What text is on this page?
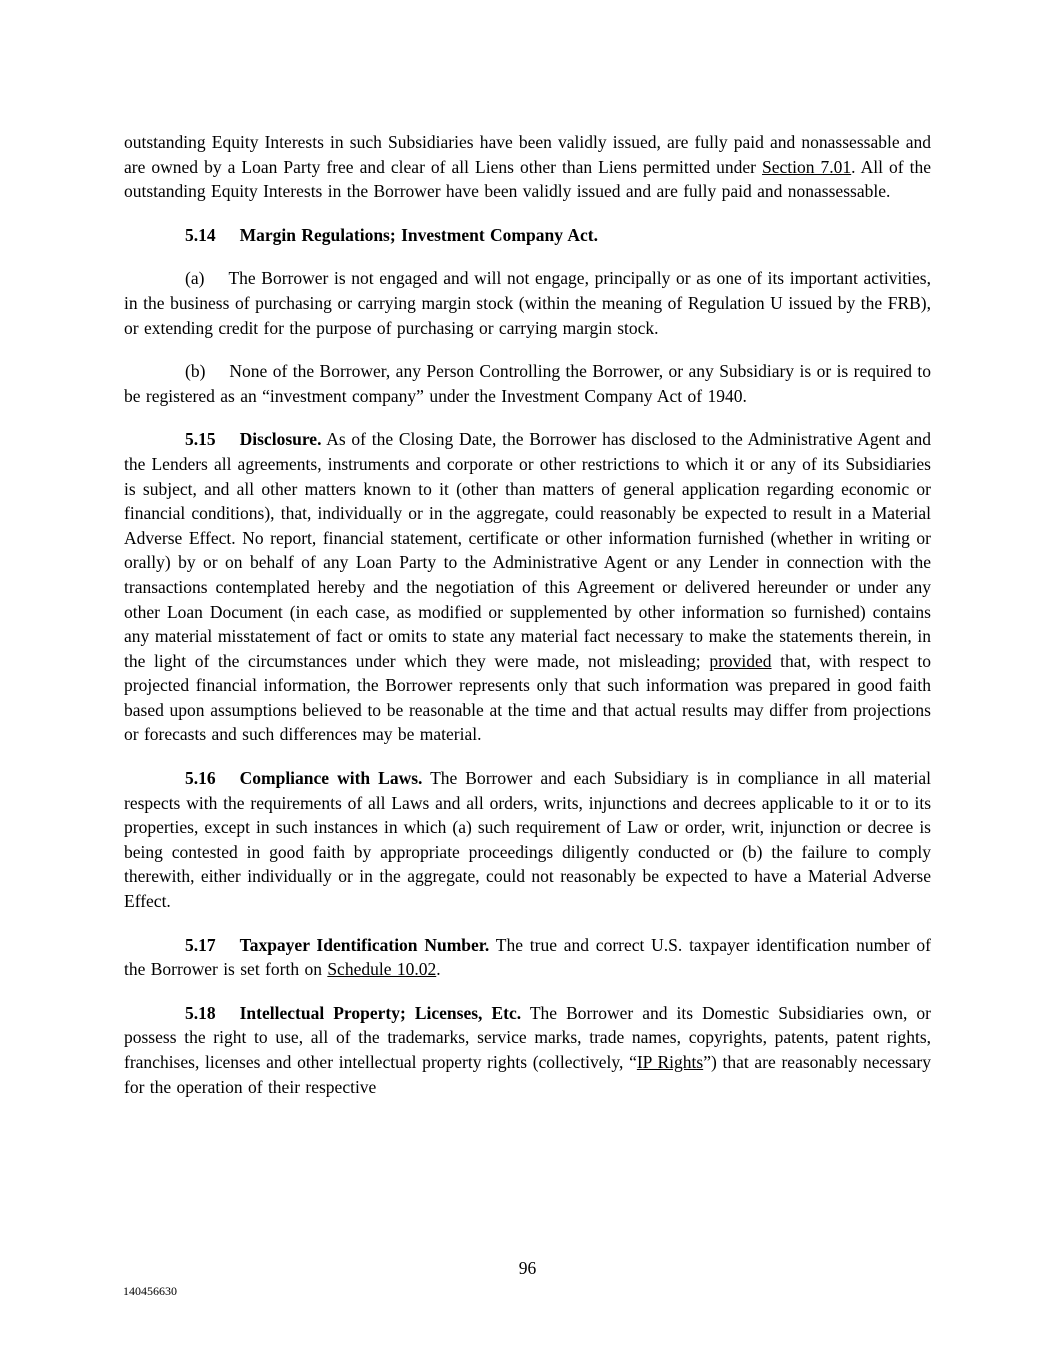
outstanding Equity Interests in such Subsidiaries have been validly issued, are fully paid and nonassessable and are owned by a Loan Party free and clear of all Liens other than Liens permitted under Section 7.01. All of the outstanding Equity Interests in the Borrower have been validly issued and are fully paid and nonassessable.

5.14 Margin Regulations; Investment Company Act.

(a) The Borrower is not engaged and will not engage, principally or as one of its important activities, in the business of purchasing or carrying margin stock (within the meaning of Regulation U issued by the FRB), or extending credit for the purpose of purchasing or carrying margin stock.

(b) None of the Borrower, any Person Controlling the Borrower, or any Subsidiary is or is required to be registered as an “investment company” under the Investment Company Act of 1940.

5.15 Disclosure. As of the Closing Date, the Borrower has disclosed to the Administrative Agent and the Lenders all agreements, instruments and corporate or other restrictions to which it or any of its Subsidiaries is subject, and all other matters known to it (other than matters of general application regarding economic or financial conditions), that, individually or in the aggregate, could reasonably be expected to result in a Material Adverse Effect. No report, financial statement, certificate or other information furnished (whether in writing or orally) by or on behalf of any Loan Party to the Administrative Agent or any Lender in connection with the transactions contemplated hereby and the negotiation of this Agreement or delivered hereunder or under any other Loan Document (in each case, as modified or supplemented by other information so furnished) contains any material misstatement of fact or omits to state any material fact necessary to make the statements therein, in the light of the circumstances under which they were made, not misleading; provided that, with respect to projected financial information, the Borrower represents only that such information was prepared in good faith based upon assumptions believed to be reasonable at the time and that actual results may differ from projections or forecasts and such differences may be material.

5.16 Compliance with Laws. The Borrower and each Subsidiary is in compliance in all material respects with the requirements of all Laws and all orders, writs, injunctions and decrees applicable to it or to its properties, except in such instances in which (a) such requirement of Law or order, writ, injunction or decree is being contested in good faith by appropriate proceedings diligently conducted or (b) the failure to comply therewith, either individually or in the aggregate, could not reasonably be expected to have a Material Adverse Effect.

5.17 Taxpayer Identification Number. The true and correct U.S. taxpayer identification number of the Borrower is set forth on Schedule 10.02.

5.18 Intellectual Property; Licenses, Etc. The Borrower and its Domestic Subsidiaries own, or possess the right to use, all of the trademarks, service marks, trade names, copyrights, patents, patent rights, franchises, licenses and other intellectual property rights (collectively, “IP Rights”) that are reasonably necessary for the operation of their respective

96
140456630
